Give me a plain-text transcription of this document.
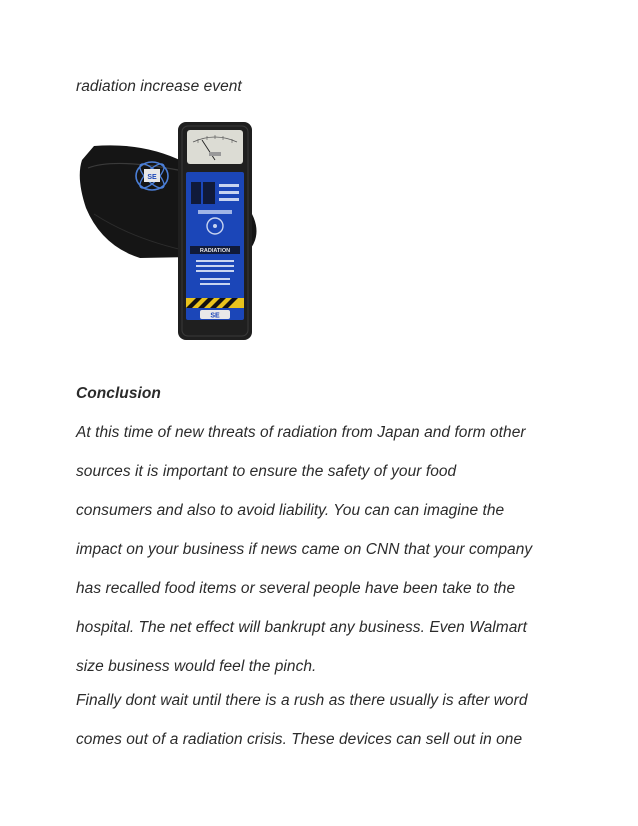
radiation increase event
SE
RADIATION
SE
Conclusion
At this time of new threats of radiation from Japan and form other
sources it is important to ensure the safety of your food
consumers and also to avoid liability. You can can imagine the
impact on your business if news came on CNN that your company
has recalled food items or several people have been take to the
hospital. The net effect will bankrupt any business. Even Walmart
size business would feel the pinch.
Finally dont wait until there is a rush as there usually is after word
comes out of a radiation crisis. These devices can sell out in one
